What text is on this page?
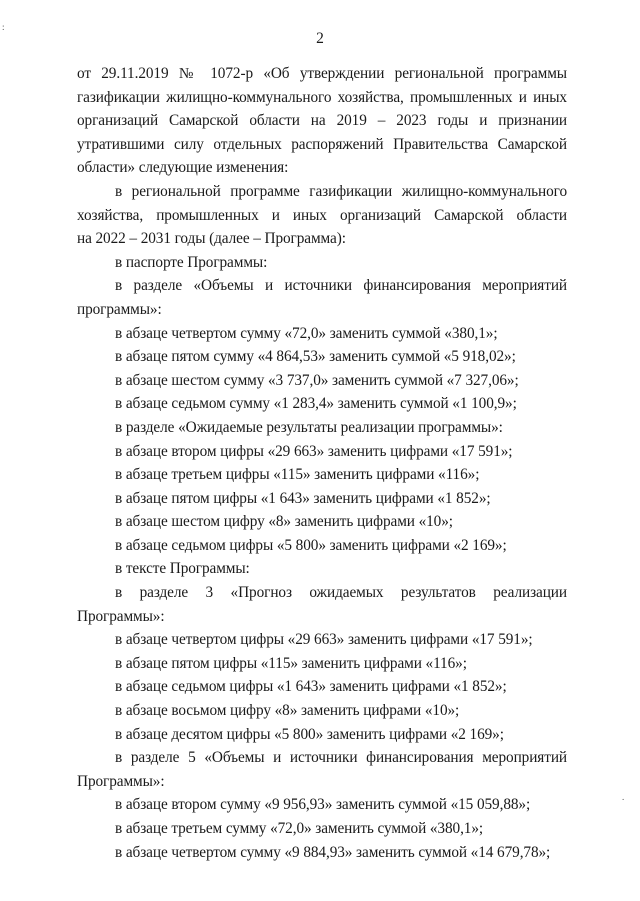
2
от 29.11.2019 № 1072-р «Об утверждении региональной программы
газификации жилищно-коммунального хозяйства, промышленных и иных
организаций Самарской области на 2019 – 2023 годы и признании
утратившими силу отдельных распоряжений Правительства Самарской
области» следующие изменения:
в региональной программе газификации жилищно-коммунального
хозяйства, промышленных и иных организаций Самарской области
на 2022 – 2031 годы (далее – Программа):
в паспорте Программы:
в разделе «Объемы и источники финансирования мероприятий
программы»:
в абзаце четвертом сумму «72,0» заменить суммой «380,1»;
в абзаце пятом сумму «4 864,53» заменить суммой «5 918,02»;
в абзаце шестом сумму «3 737,0» заменить суммой «7 327,06»;
в абзаце седьмом сумму «1 283,4» заменить суммой «1 100,9»;
в разделе «Ожидаемые результаты реализации программы»:
в абзаце втором цифры «29 663» заменить цифрами «17 591»;
в абзаце третьем цифры «115» заменить цифрами «116»;
в абзаце пятом цифры «1 643» заменить цифрами «1 852»;
в абзаце шестом цифру «8» заменить цифрами «10»;
в абзаце седьмом цифры «5 800» заменить цифрами «2 169»;
в тексте Программы:
в разделе 3 «Прогноз ожидаемых результатов реализации
Программы»:
в абзаце четвертом цифры «29 663» заменить цифрами «17 591»;
в абзаце пятом цифры «115» заменить цифрами «116»;
в абзаце седьмом цифры «1 643» заменить цифрами «1 852»;
в абзаце восьмом цифру «8» заменить цифрами «10»;
в абзаце десятом цифры «5 800» заменить цифрами «2 169»;
в разделе 5 «Объемы и источники финансирования мероприятий
Программы»:
в абзаце втором сумму «9 956,93» заменить суммой «15 059,88»;
в абзаце третьем сумму «72,0» заменить суммой «380,1»;
в абзаце четвертом сумму «9 884,93» заменить суммой «14 679,78»;
:
.
